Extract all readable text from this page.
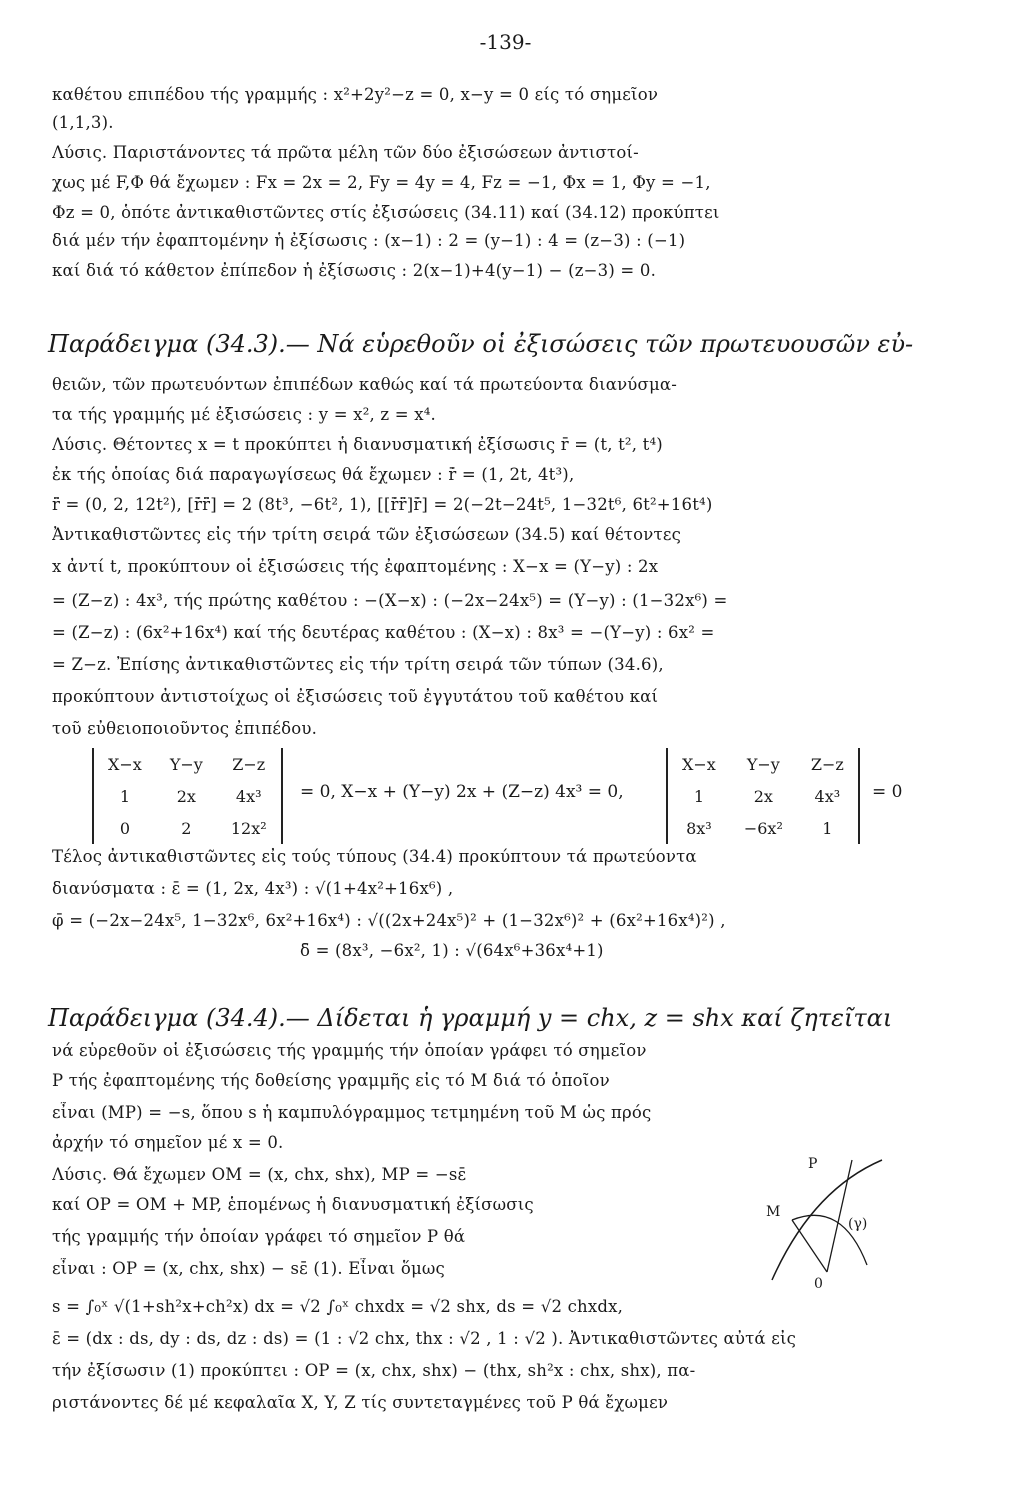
-139-
καθέτου επιπέδου τής γραμμής : x²+2y²−z = 0, x−y = 0 είς τό σημεῖον
(1,1,3).
Λύσις. Παριστάνοντες τά πρῶτα μέλη τῶν δύο ἐξισώσεων ἀντιστοί-
χως μέ F,Φ θά ἔχωμεν : Fx = 2x = 2, Fy = 4y = 4, Fz = −1, Φx = 1, Φy = −1,
Φz = 0, ὁπότε ἀντικαθιστῶντες στίς ἐξισώσεις (34.11) καί (34.12) προκύπτει
διά μέν τήν ἐφαπτομένην ἡ ἐξίσωσις : (x−1) : 2 = (y−1) : 4 = (z−3) : (−1)
καί διά τό κάθετον ἐπίπεδον ἡ ἐξίσωσις : 2(x−1)+4(y−1) − (z−3) = 0.
Παράδειγμα (34.3).— Νά εὑρεθοῦν οἱ ἐξισώσεις τῶν πρωτευουσῶν εὐ-
θειῶν, τῶν πρωτευόντων ἐπιπέδων καθώς καί τά πρωτεύοντα διανύσμα-
τα τής γραμμής μέ ἐξισώσεις : y = x², z = x⁴.
Λύσις. Θέτοντες x = t προκύπτει ἡ διανυσματική ἐξίσωσις r̄ = (t, t², t⁴)
ἐκ τής ὁποίας διά παραγωγίσεως θά ἔχωμεν : ṙ̄ = (1, 2t, 4t³),
r̈̄ = (0, 2, 12t²), [ṙ̄r̈̄] = 2 (8t³, −6t², 1), [[ṙ̄r̈̄]ṙ̄] = 2(−2t−24t⁵, 1−32t⁶, 6t²+16t⁴)
Ἀντικαθιστῶντες εἰς τήν τρίτη σειρά τῶν ἐξισώσεων (34.5) καί θέτοντες
x ἀντί t, προκύπτουν οἱ ἐξισώσεις τής ἐφαπτομένης : X−x = (Y−y) : 2x
= (Z−z) : 4x³, τής πρώτης καθέτου : −(X−x) : (−2x−24x⁵) = (Y−y) : (1−32x⁶) =
= (Z−z) : (6x²+16x⁴) καί τής δευτέρας καθέτου : (X−x) : 8x³ = −(Y−y) : 6x² =
= Z−z. Ἐπίσης ἀντικαθιστῶντες εἰς τήν τρίτη σειρά τῶν τύπων (34.6),
προκύπτουν ἀντιστοίχως οἱ ἐξισώσεις τοῦ ἐγγυτάτου τοῦ καθέτου καί
τοῦ εὐθειοποιοῦντος ἐπιπέδου.
X−x	Y−y	Z−z
1	2x	4x³
0	2	12x²
= 0, X−x + (Y−y) 2x + (Z−z) 4x³ = 0,
X−x	Y−y	Z−z
1	2x	4x³
8x³	−6x²	1
= 0
Τέλος ἀντικαθιστῶντες εἰς τούς τύπους (34.4) προκύπτουν τά πρωτεύοντα
διανύσματα : ε̄ = (1, 2x, 4x³) : √(1+4x²+16x⁶) ,
φ̄ = (−2x−24x⁵, 1−32x⁶, 6x²+16x⁴) : √((2x+24x⁵)² + (1−32x⁶)² + (6x²+16x⁴)²) ,
δ̄ = (8x³, −6x², 1) : √(64x⁶+36x⁴+1)
Παράδειγμα (34.4).— Δίδεται ἡ γραμμή y = chx, z = shx καί ζητεῖται
νά εὑρεθοῦν οἱ ἐξισώσεις τής γραμμής τήν ὁποίαν γράφει τό σημεῖον
P τής ἐφαπτομένης τής δοθείσης γραμμῆς εἰς τό M διά τό ὁποῖον
εἶναι (MP) = −s, ὅπου s ἡ καμπυλόγραμμος τετμημένη τοῦ M ὡς πρός
ἀρχήν τό σημεῖον μέ x = 0.
Λύσις. Θά ἔχωμεν OM = (x, chx, shx), MP = −sε̄
καί OP = OM + MP, ἑπομένως ἡ διανυσματική ἐξίσωσις
τής γραμμής τήν ὁποίαν γράφει τό σημεῖον P θά
εἶναι : OP = (x, chx, shx) − sε̄ (1). Εἶναι ὅμως
s = ∫₀ˣ √(1+sh²x+ch²x) dx = √2 ∫₀ˣ chxdx = √2 shx, ds = √2 chxdx,
ε̄ = (dx : ds, dy : ds, dz : ds) = (1 : √2 chx, thx : √2 , 1 : √2 ). Ἀντικαθιστῶντες αὐτά εἰς
τήν ἐξίσωσιν (1) προκύπτει : OP = (x, chx, shx) − (thx, sh²x : chx, shx), πα-
ριστάνοντες δέ μέ κεφαλαῖα X, Y, Z τίς συντεταγμένες τοῦ P θά ἔχωμεν
P
M
0
(γ)
